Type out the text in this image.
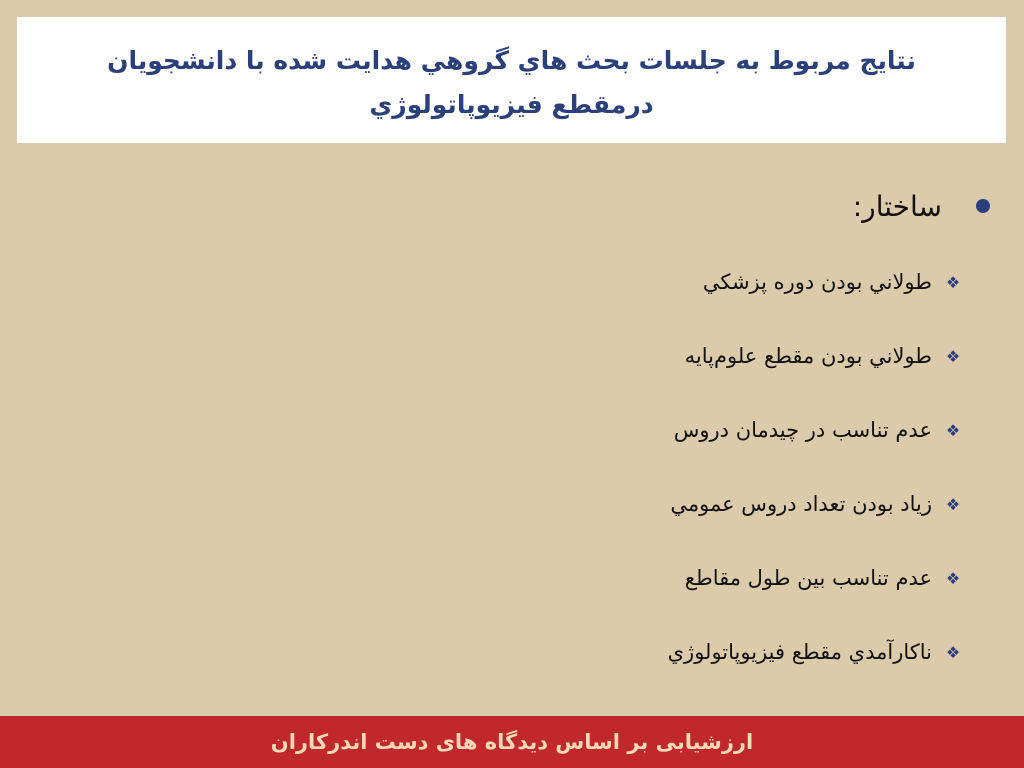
نتايج مربوط به جلسات بحث هاي گروهي هدايت شده با دانشجويان درمقطع فيزيوپاتولوژي

ساختار:
❖
طولاني بودن دوره پزشكي
❖
طولاني بودن مقطع علوم‌پايه
❖
عدم تناسب در چيدمان دروس
❖
زياد بودن تعداد دروس عمومي
❖
عدم تناسب بين طول مقاطع
❖
ناكارآمدي مقطع فيزيوپاتولوژي
ارزشیابی بر اساس دیدگاه های دست اندرکاران
